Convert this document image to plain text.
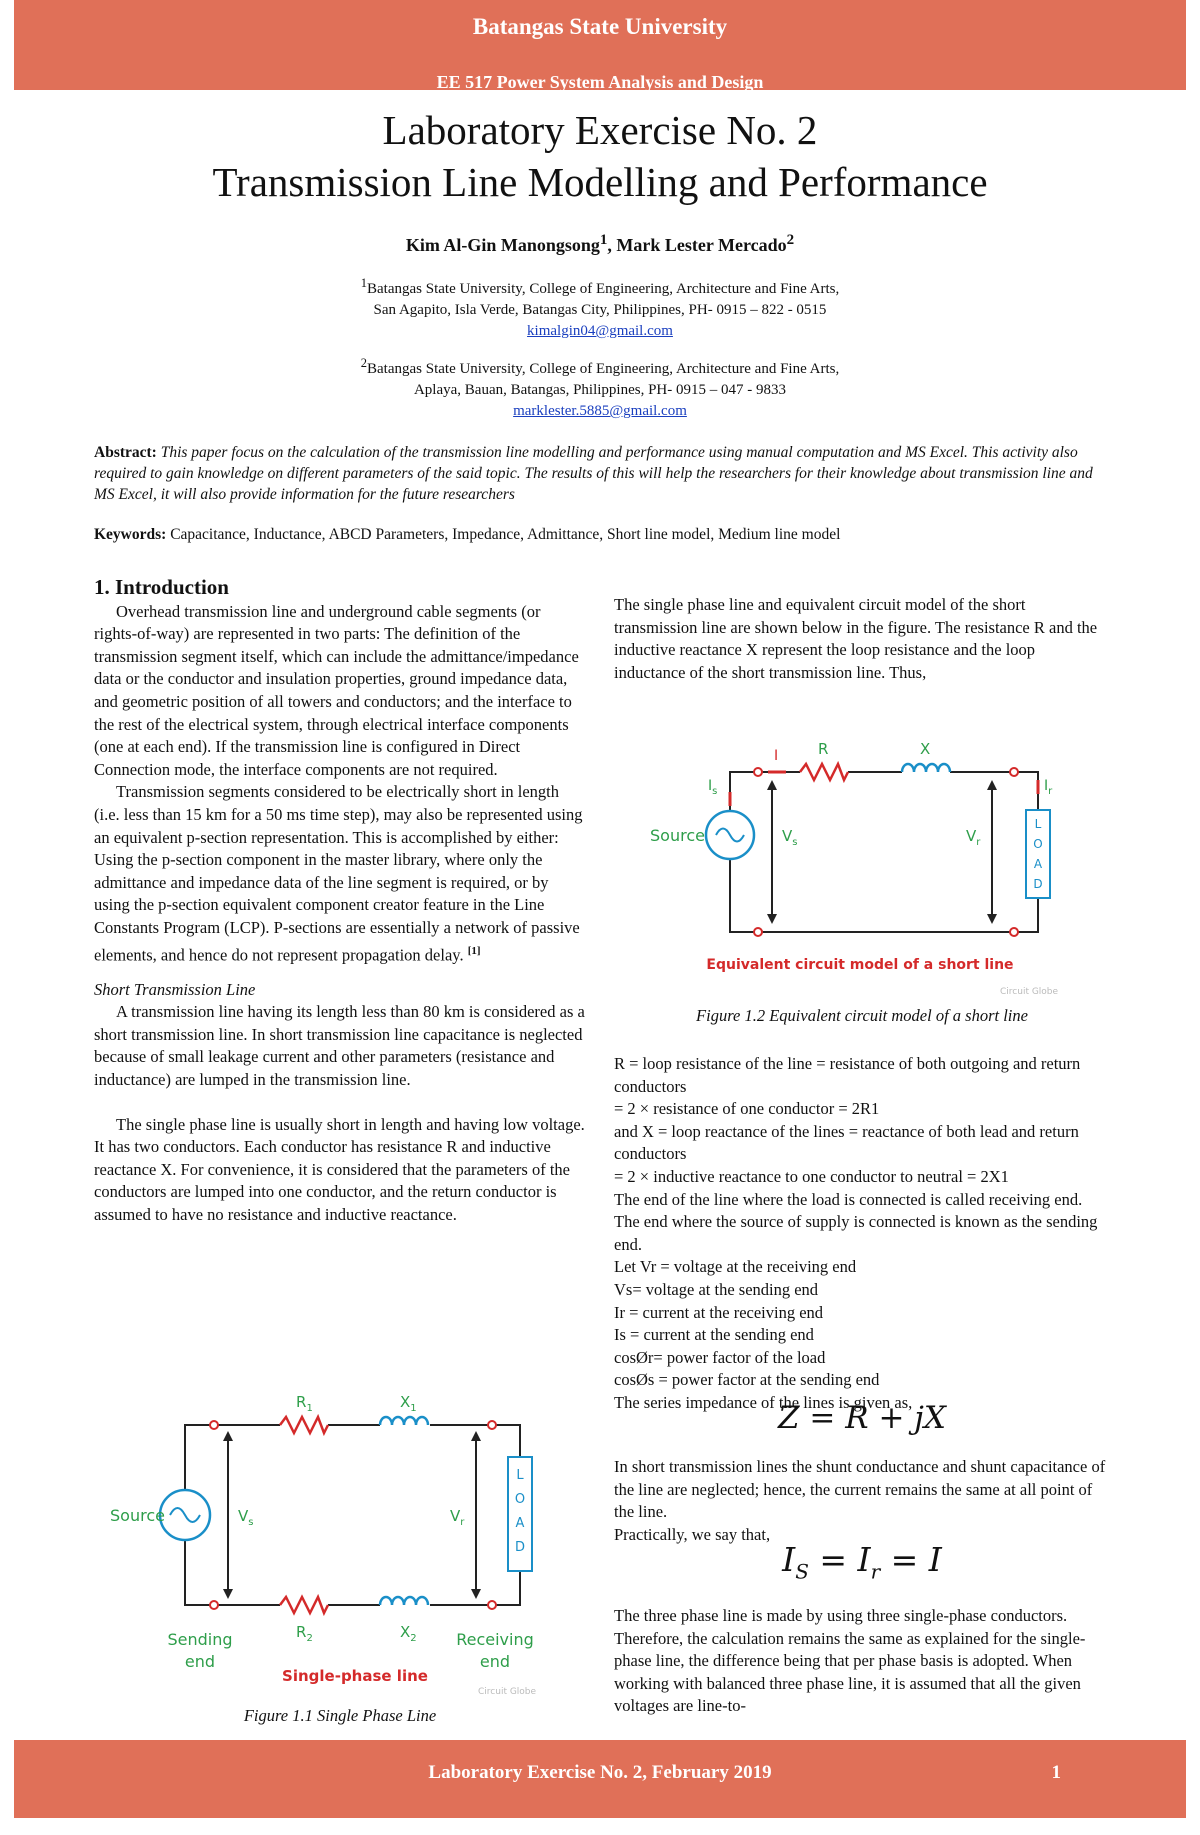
Batangas State University
EE 517 Power System Analysis and Design
Laboratory Exercise No. 2
Transmission Line Modelling and Performance
Kim Al-Gin Manongsong$^1$, Mark Lester Mercado$^2$
$^1$Batangas State University, College of Engineering, Architecture and Fine Arts,
San Agapito, Isla Verde, Batangas City, Philippines, PH- 0915 – 822 - 0515
kimalgin04@gmail.com
$^2$Batangas State University, College of Engineering, Architecture and Fine Arts,
Aplaya, Bauan, Batangas, Philippines, PH- 0915 – 047 - 9833
marklester.5885@gmail.com
Abstract: This paper focus on the calculation of the transmission line modelling and performance using manual computation and MS Excel. This activity also required to gain knowledge on different parameters of the said topic. The results of this will help the researchers for their knowledge about transmission line and MS Excel, it will also provide information for the future researchers
Keywords: Capacitance, Inductance, ABCD Parameters, Impedance, Admittance, Short line model, Medium line model
1. Introduction

Overhead transmission line and underground cable segments (or rights-of-way) are represented in two parts: The definition of the transmission segment itself, which can include the admittance/impedance data or the conductor and insulation properties, ground impedance data, and geometric position of all towers and conductors; and the interface to the rest of the electrical system, through electrical interface components (one at each end). If the transmission line is configured in Direct Connection mode, the interface components are not required.

Transmission segments considered to be electrically short in length (i.e. less than 15 km for a 50 ms time step), may also be represented using an equivalent p-section representation. This is accomplished by either: Using the p-section component in the master library, where only the admittance and impedance data of the line segment is required, or by using the p-section equivalent component creator feature in the Line Constants Program (LCP). P-sections are essentially a network of passive elements, and hence do not represent propagation delay. [1]

Short Transmission Line

A transmission line having its length less than 80 km is considered as a short transmission line. In short transmission line capacitance is neglected because of small leakage current and other parameters (resistance and inductance) are lumped in the transmission line.

The single phase line is usually short in length and having low voltage. It has two conductors. Each conductor has resistance R and inductive reactance X. For convenience, it is considered that the parameters of the conductors are lumped into one conductor, and the return conductor is assumed to have no resistance and inductive reactance.

L
O
A
D
$R_1$	$X_1$
$R_2$	$X_2$
Source	$V_s$	$V_r$
Sending
end
Receiving
end
Single-phase line
Circuit Globe
Figure 1.1 Single Phase Line
The single phase line and equivalent circuit model of the short transmission line are shown below in the figure. The resistance R and the inductive reactance X represent the loop resistance and the loop inductance of the short transmission line. Thus,
L
O
A
D
I	R	X
$I_s$	$I_r$
Source	$V_s$	$V_r$
Equivalent circuit model of a short line
Circuit Globe
Figure 1.2 Equivalent circuit model of a short line

R = loop resistance of the line = resistance of both outgoing and return conductors

= 2 × resistance of one conductor = 2R1

and X = loop reactance of the lines = reactance of both lead and return conductors

= 2 × inductive reactance to one conductor to neutral = 2X1

The end of the line where the load is connected is called receiving end. The end where the source of supply is connected is known as the sending end.

Let Vr = voltage at the receiving end

Vs= voltage at the sending end

Ir = current at the receiving end

Is = current at the sending end

cosØr= power factor of the load

cosØs = power factor at the sending end

The series impedance of the lines is given as,

Z = R + jX

In short transmission lines the shunt conductance and shunt capacitance of the line are neglected; hence, the current remains the same at all point of the line.

Practically, we say that,

$I_S = I_r = I$
The three phase line is made by using three single-phase conductors. Therefore, the calculation remains the same as explained for the single-phase line, the difference being that per phase basis is adopted. When working with balanced three phase line, it is assumed that all the given voltages are line-to-
Laboratory Exercise No. 2, February 2019	1
